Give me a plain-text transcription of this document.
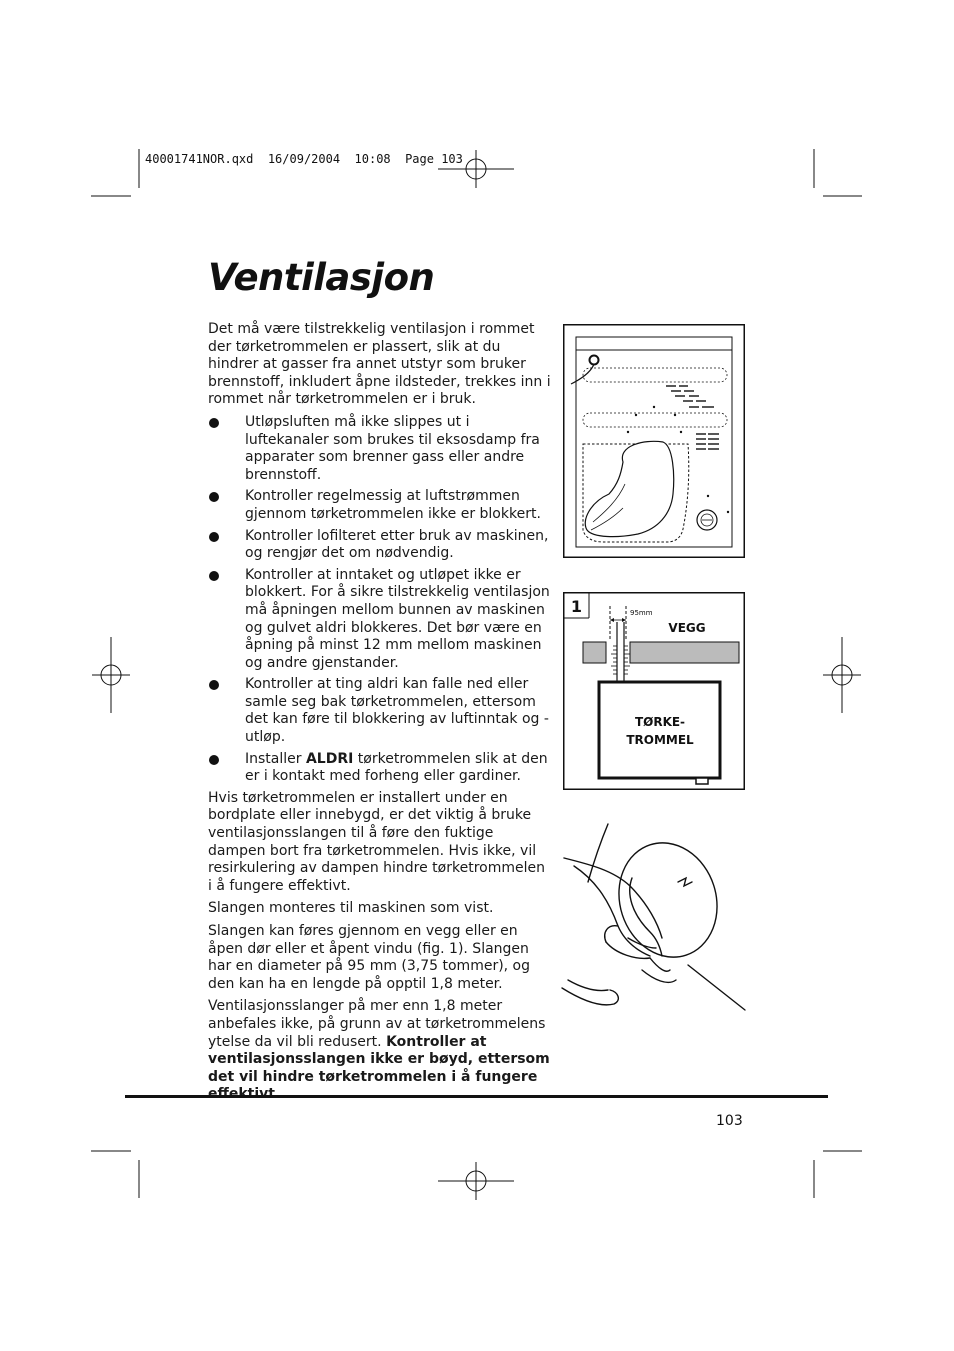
40001741NOR.qxd  16/09/2004  10:08  Page 103
Ventilasjon

Det må være tilstrekkelig ventilasjon i rommet der tørketrommelen er plassert, slik at du hindrer at gasser fra annet utstyr som bruker brennstoff, inkludert åpne ildsteder, trekkes inn i rommet når tørketrommelen er i bruk.

Utløpsluften må ikke slippes ut i luftekanaler som brukes til eksosdamp fra apparater som brenner gass eller andre brennstoff.
Kontroller regelmessig at luftstrømmen gjennom tørketrommelen ikke er blokkert.
Kontroller lofilteret etter bruk av maskinen, og rengjør det om nødvendig.
Kontroller at inntaket og utløpet ikke er blokkert. For å sikre tilstrekkelig ventilasjon må åpningen mellom bunnen av maskinen og gulvet aldri blokkeres. Det bør være en åpning på minst 12 mm mellom maskinen og andre gjenstander.
Kontroller at ting aldri kan falle ned eller samle seg bak tørketrommelen, ettersom det kan føre til blokkering av luftinntak og -utløp.
Installer ALDRI tørketrommelen slik at den er i kontakt med forheng eller gardiner.

Hvis tørketrommelen er installert under en bordplate eller innebygd, er det viktig å bruke ventilasjonsslangen til å føre den fuktige dampen bort fra tørketrommelen. Hvis ikke, vil resirkulering av dampen hindre tørketrommelen i å fungere effektivt.

Slangen monteres til maskinen som vist.

Slangen kan føres gjennom en vegg eller en åpen dør eller et åpent vindu (fig. 1). Slangen har en diameter på 95 mm (3,75 tommer), og den kan ha en lengde på opptil 1,8 meter.

Ventilasjonsslanger på mer enn 1,8 meter anbefales ikke, på grunn av at tørketrommelens ytelse da vil bli redusert. Kontroller at ventilasjonsslangen ikke er bøyd, ettersom det vil hindre tørketrommelen i å fungere

1	95mm
VEGG
TØRKE-
TROMMEL
103
